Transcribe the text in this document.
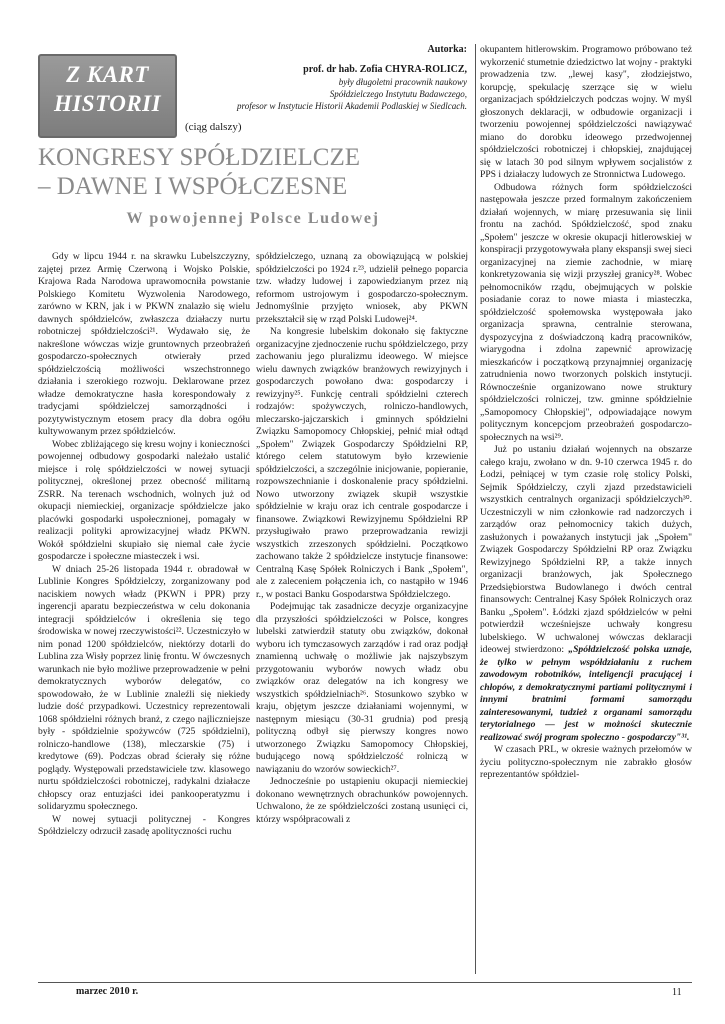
Z KART
HISTORII
(ciąg dalszy)
Autorka:
prof. dr hab. Zofia CHYRA-ROLICZ,
były długoletni pracownik naukowy
Spółdzielczego Instytutu Badawczego,
profesor w Instytucie Historii Akademii Podlaskiej w Siedlcach.
KONGRESY SPÓŁDZIELCZE
– DAWNE I WSPÓŁCZESNE
W powojennej Polsce Ludowej

Gdy w lipcu 1944 r. na skrawku Lubelszczyzny, zajętej przez Armię Czerwoną i Wojsko Polskie, Krajowa Rada Narodowa uprawomocniła powstanie Polskiego Komitetu Wyzwolenia Narodowego, zarówno w KRN, jak i w PKWN znalazło się wielu dawnych spółdzielców, zwłaszcza działaczy nurtu robotniczej spółdzielczości²¹. Wydawało się, że nakreślone wówczas wizje gruntownych przeobrażeń gospodarczo-społecznych otwierały przed spółdzielczością możliwości wszechstronnego działania i szerokiego rozwoju. Deklarowane przez władze demokratyczne hasła korespondowały z tradycjami spółdzielczej samorządności i pozytywistycznym etosem pracy dla dobra ogółu kultywowanym przez spółdzielców.

Wobec zbliżającego się kresu wojny i konieczności powojennej odbudowy gospodarki należało ustalić miejsce i rolę spółdzielczości w nowej sytuacji politycznej, określonej przez obecność militarną ZSRR. Na terenach wschodnich, wolnych już od okupacji niemieckiej, organizacje spółdzielcze jako placówki gospodarki uspołecznionej, pomagały w realizacji polityki aprowizacyjnej władz PKWN. Wokół spółdzielni skupiało się niemal całe życie gospodarcze i społeczne miasteczek i wsi.

W dniach 25-26 listopada 1944 r. obradował w Lublinie Kongres Spółdzielczy, zorganizowany pod naciskiem nowych władz (PKWN i PPR) przy ingerencji aparatu bezpieczeństwa w celu dokonania integracji spółdzielców i określenia się tego środowiska w nowej rzeczywistości²². Uczestniczyło w nim ponad 1200 spółdzielców, niektórzy dotarli do Lublina zza Wisły poprzez linię frontu. W ówczesnych warunkach nie było możliwe przeprowadzenie w pełni demokratycznych wyborów delegatów, co spowodowało, że w Lublinie znaleźli się niekiedy ludzie dość przypadkowi. Uczestnicy reprezentowali 1068 spółdzielni różnych branż, z czego najliczniejsze były - spółdzielnie spożywców (725 spółdzielni), rolniczo-handlowe (138), mleczarskie (75) i kredytowe (69). Podczas obrad ścierały się różne poglądy. Występowali przedstawiciele tzw. klasowego nurtu spółdzielczości robotniczej, radykalni działacze chłopscy oraz entuzjaści idei pankooperatyzmu i solidaryzmu społecznego.

W nowej sytuacji politycznej - Kongres Spółdzielczy odrzucił zasadę apolityczności ruchu

spółdzielczego, uznaną za obowiązującą w polskiej spółdzielczości po 1924 r.²³, udzielił pełnego poparcia tzw. władzy ludowej i zapowiedzianym przez nią reformom ustrojowym i gospodarczo-społecznym. Jednomyślnie przyjęto wniosek, aby PKWN przekształcił się w rząd Polski Ludowej²⁴.

Na kongresie lubelskim dokonało się faktyczne organizacyjne zjednoczenie ruchu spółdzielczego, przy zachowaniu jego pluralizmu ideowego. W miejsce wielu dawnych związków branżowych rewizyjnych i gospodarczych powołano dwa: gospodarczy i rewizyjny²⁵. Funkcję centrali spółdzielni czterech rodzajów: spożywczych, rolniczo-handlowych, mleczarsko-jajczarskich i gminnych spółdzielni Związku Samopomocy Chłopskiej, pełnić miał odtąd „Społem" Związek Gospodarczy Spółdzielni RP, którego celem statutowym było krzewienie spółdzielczości, a szczególnie inicjowanie, popieranie, rozpowszechnianie i doskonalenie pracy spółdzielni. Nowo utworzony związek skupił wszystkie spółdzielnie w kraju oraz ich centrale gospodarcze i finansowe. Związkowi Rewizyjnemu Spółdzielni RP przysługiwało prawo przeprowadzania rewizji wszystkich zrzeszonych spółdzielni. Początkowo zachowano także 2 spółdzielcze instytucje finansowe: Centralną Kasę Spółek Rolniczych i Bank „Społem", ale z zaleceniem połączenia ich, co nastąpiło w 1946 r., w postaci Banku Gospodarstwa Spółdzielczego.

Podejmując tak zasadnicze decyzje organizacyjne dla przyszłości spółdzielczości w Polsce, kongres lubelski zatwierdził statuty obu związków, dokonał wyboru ich tymczasowych zarządów i rad oraz podjął znamienną uchwałę o możliwie jak najszybszym przygotowaniu wyborów nowych władz obu związków oraz delegatów na ich kongresy we wszystkich spółdzielniach²⁶. Stosunkowo szybko w kraju, objętym jeszcze działaniami wojennymi, w następnym miesiącu (30-31 grudnia) pod presją polityczną odbył się pierwszy kongres nowo utworzonego Związku Samopomocy Chłopskiej, budującego nową spółdzielczość rolniczą w nawiązaniu do wzorów sowieckich²⁷.

Jednocześnie po ustąpieniu okupacji niemieckiej dokonano wewnętrznych obrachunków powojennych. Uchwalono, że ze spółdzielczości zostaną usunięci ci, którzy współpracowali z

okupantem hitlerowskim. Programowo próbowano też wykorzenić stumetnie dziedzictwo lat wojny - praktyki prowadzenia tzw. „lewej kasy", złodziejstwo, korupcję, spekulację szerzące się w wielu organizacjach spółdzielczych podczas wojny. W myśl głoszonych deklaracji, w odbudowie organizacji i tworzeniu powojennej spółdzielczości nawiązywać miano do dorobku ideowego przedwojennej spółdzielczości robotniczej i chłopskiej, znajdującej się w latach 30 pod silnym wpływem socjalistów z PPS i działaczy ludowych ze Stronnictwa Ludowego.

Odbudowa różnych form spółdzielczości następowała jeszcze przed formalnym zakończeniem działań wojennych, w miarę przesuwania się linii frontu na zachód. Spółdzielczość, spod znaku „Społem" jeszcze w okresie okupacji hitlerowskiej w konspiracji przygotowywała plany ekspansji swej sieci organizacyjnej na ziemie zachodnie, w miarę konkretyzowania się wizji przyszłej granicy²⁸. Wobec pełnomocników rządu, obejmujących w polskie posiadanie coraz to nowe miasta i miasteczka, spółdzielczość społemowska występowała jako organizacja sprawna, centralnie sterowana, dyspozycyjna z doświadczoną kadrą pracowników, wiarygodna i zdolna zapewnić aprowizację mieszkańców i początkową przynajmniej organizację zatrudnienia nowo tworzonych polskich instytucji. Równocześnie organizowano nowe struktury spółdzielczości rolniczej, tzw. gminne spółdzielnie „Samopomocy Chłopskiej", odpowiadające nowym politycznym koncepcjom przeobrażeń gospodarczo-społecznych na wsi²⁹.

Już po ustaniu działań wojennych na obszarze całego kraju, zwołano w dn. 9-10 czerwca 1945 r. do Łodzi, pełniącej w tym czasie rolę stolicy Polski, Sejmik Spółdzielczy, czyli zjazd przedstawicieli wszystkich centralnych organizacji spółdzielczych³⁰. Uczestniczyli w nim członkowie rad nadzorczych i zarządów oraz pełnomocnicy takich dużych, zasłużonych i poważanych instytucji jak „Społem" Związek Gospodarczy Spółdzielni RP oraz Związku Rewizyjnego Spółdzielni RP, a także innych organizacji branżowych, jak Społecznego Przedsiębiorstwa Budowlanego i dwóch central finansowych: Centralnej Kasy Spółek Rolniczych oraz Banku „Społem". Łódzki zjazd spółdzielców w pełni potwierdził wcześniejsze uchwały kongresu lubelskiego. W uchwalonej wówczas deklaracji ideowej stwierdzono: „Spółdzielczość polska uznaje, że tylko w pełnym współdziałaniu z ruchem zawodowym robotników, inteligencji pracującej i chłopów, z demokratycznymi partiami politycznymi i innymi bratnimi formami samorządu zainteresowanymi, tudzież z organami samorządu terytorialnego — jest w możności skutecznie realizować swój program społeczno - gospodarczy"³¹.

W czasach PRL, w okresie ważnych przełomów w życiu polityczno-społecznym nie zabrakło głosów reprezentantów spółdziel-

marzec 2010 r.	11
